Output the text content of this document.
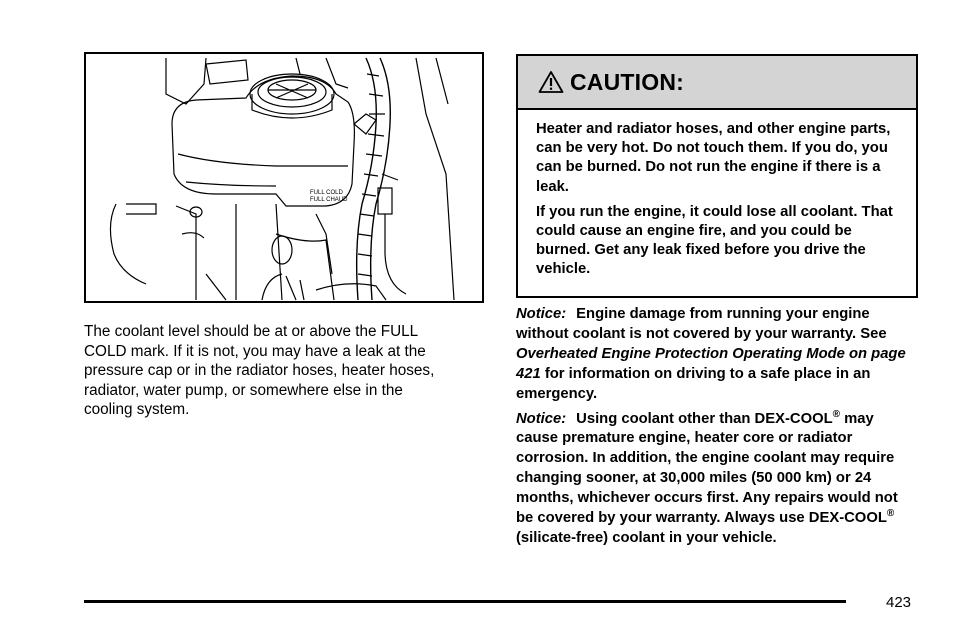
FULL COLD
FULL CHAUD

The coolant level should be at or above the FULL COLD mark. If it is not, you may have a leak at the pressure cap or in the radiator hoses, heater hoses, radiator, water pump, or somewhere else in the cooling system.

CAUTION:

Heater and radiator hoses, and other engine parts, can be very hot. Do not touch them. If you do, you can be burned. Do not run the engine if there is a leak.

If you run the engine, it could lose all coolant. That could cause an engine fire, and you could be burned. Get any leak fixed before you drive the vehicle.

Notice: Engine damage from running your engine without coolant is not covered by your warranty. See Overheated Engine Protection Operating Mode on page 421 for information on driving to a safe place in an emergency.

Notice: Using coolant other than DEX-COOL® may cause premature engine, heater core or radiator corrosion. In addition, the engine coolant may require changing sooner, at 30,000 miles (50 000 km) or 24 months, whichever occurs first. Any repairs would not be covered by your warranty. Always use DEX-COOL® (silicate-free) coolant in your vehicle.

423
